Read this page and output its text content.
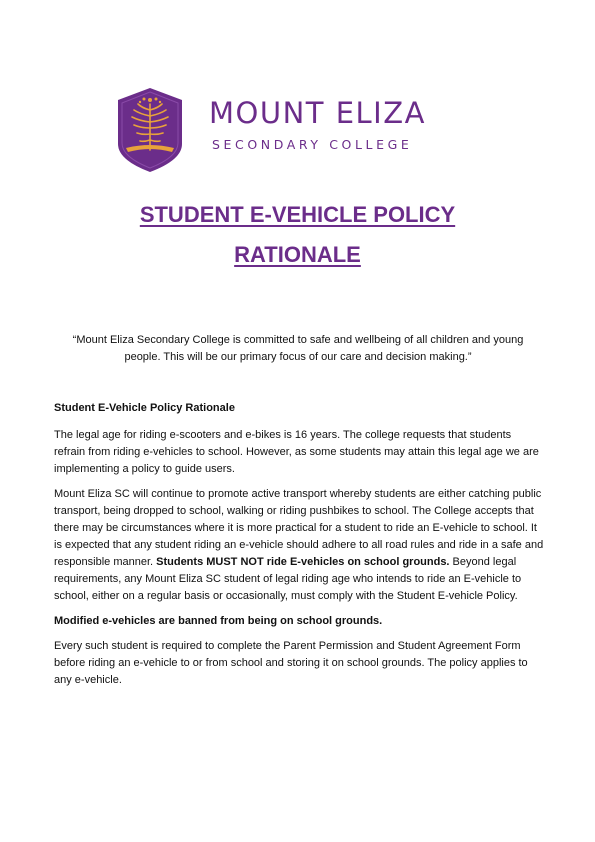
MOUNT ELIZA
SECONDARY COLLEGE
STUDENT E-VEHICLE POLICY
RATIONALE
“Mount Eliza Secondary College is committed to safe and wellbeing of all children and young people. This will be our primary focus of our care and decision making.”

Student E-Vehicle Policy Rationale

The legal age for riding e-scooters and e-bikes is 16 years. The college requests that students refrain from riding e-vehicles to school. However, as some students may attain this legal age we are implementing a policy to guide users.

Mount Eliza SC will continue to promote active transport whereby students are either catching public transport, being dropped to school, walking or riding pushbikes to school. The College accepts that there may be circumstances where it is more practical for a student to ride an E-vehicle to school. It is expected that any student riding an e-vehicle should adhere to all road rules and ride in a safe and responsible manner. Students MUST NOT ride E-vehicles on school grounds. Beyond legal requirements, any Mount Eliza SC student of legal riding age who intends to ride an E-vehicle to school, either on a regular basis or occasionally, must comply with the Student E-vehicle Policy.

Modified e-vehicles are banned from being on school grounds.

Every such student is required to complete the Parent Permission and Student Agreement Form before riding an e-vehicle to or from school and storing it on school grounds. The policy applies to any e-vehicle.
